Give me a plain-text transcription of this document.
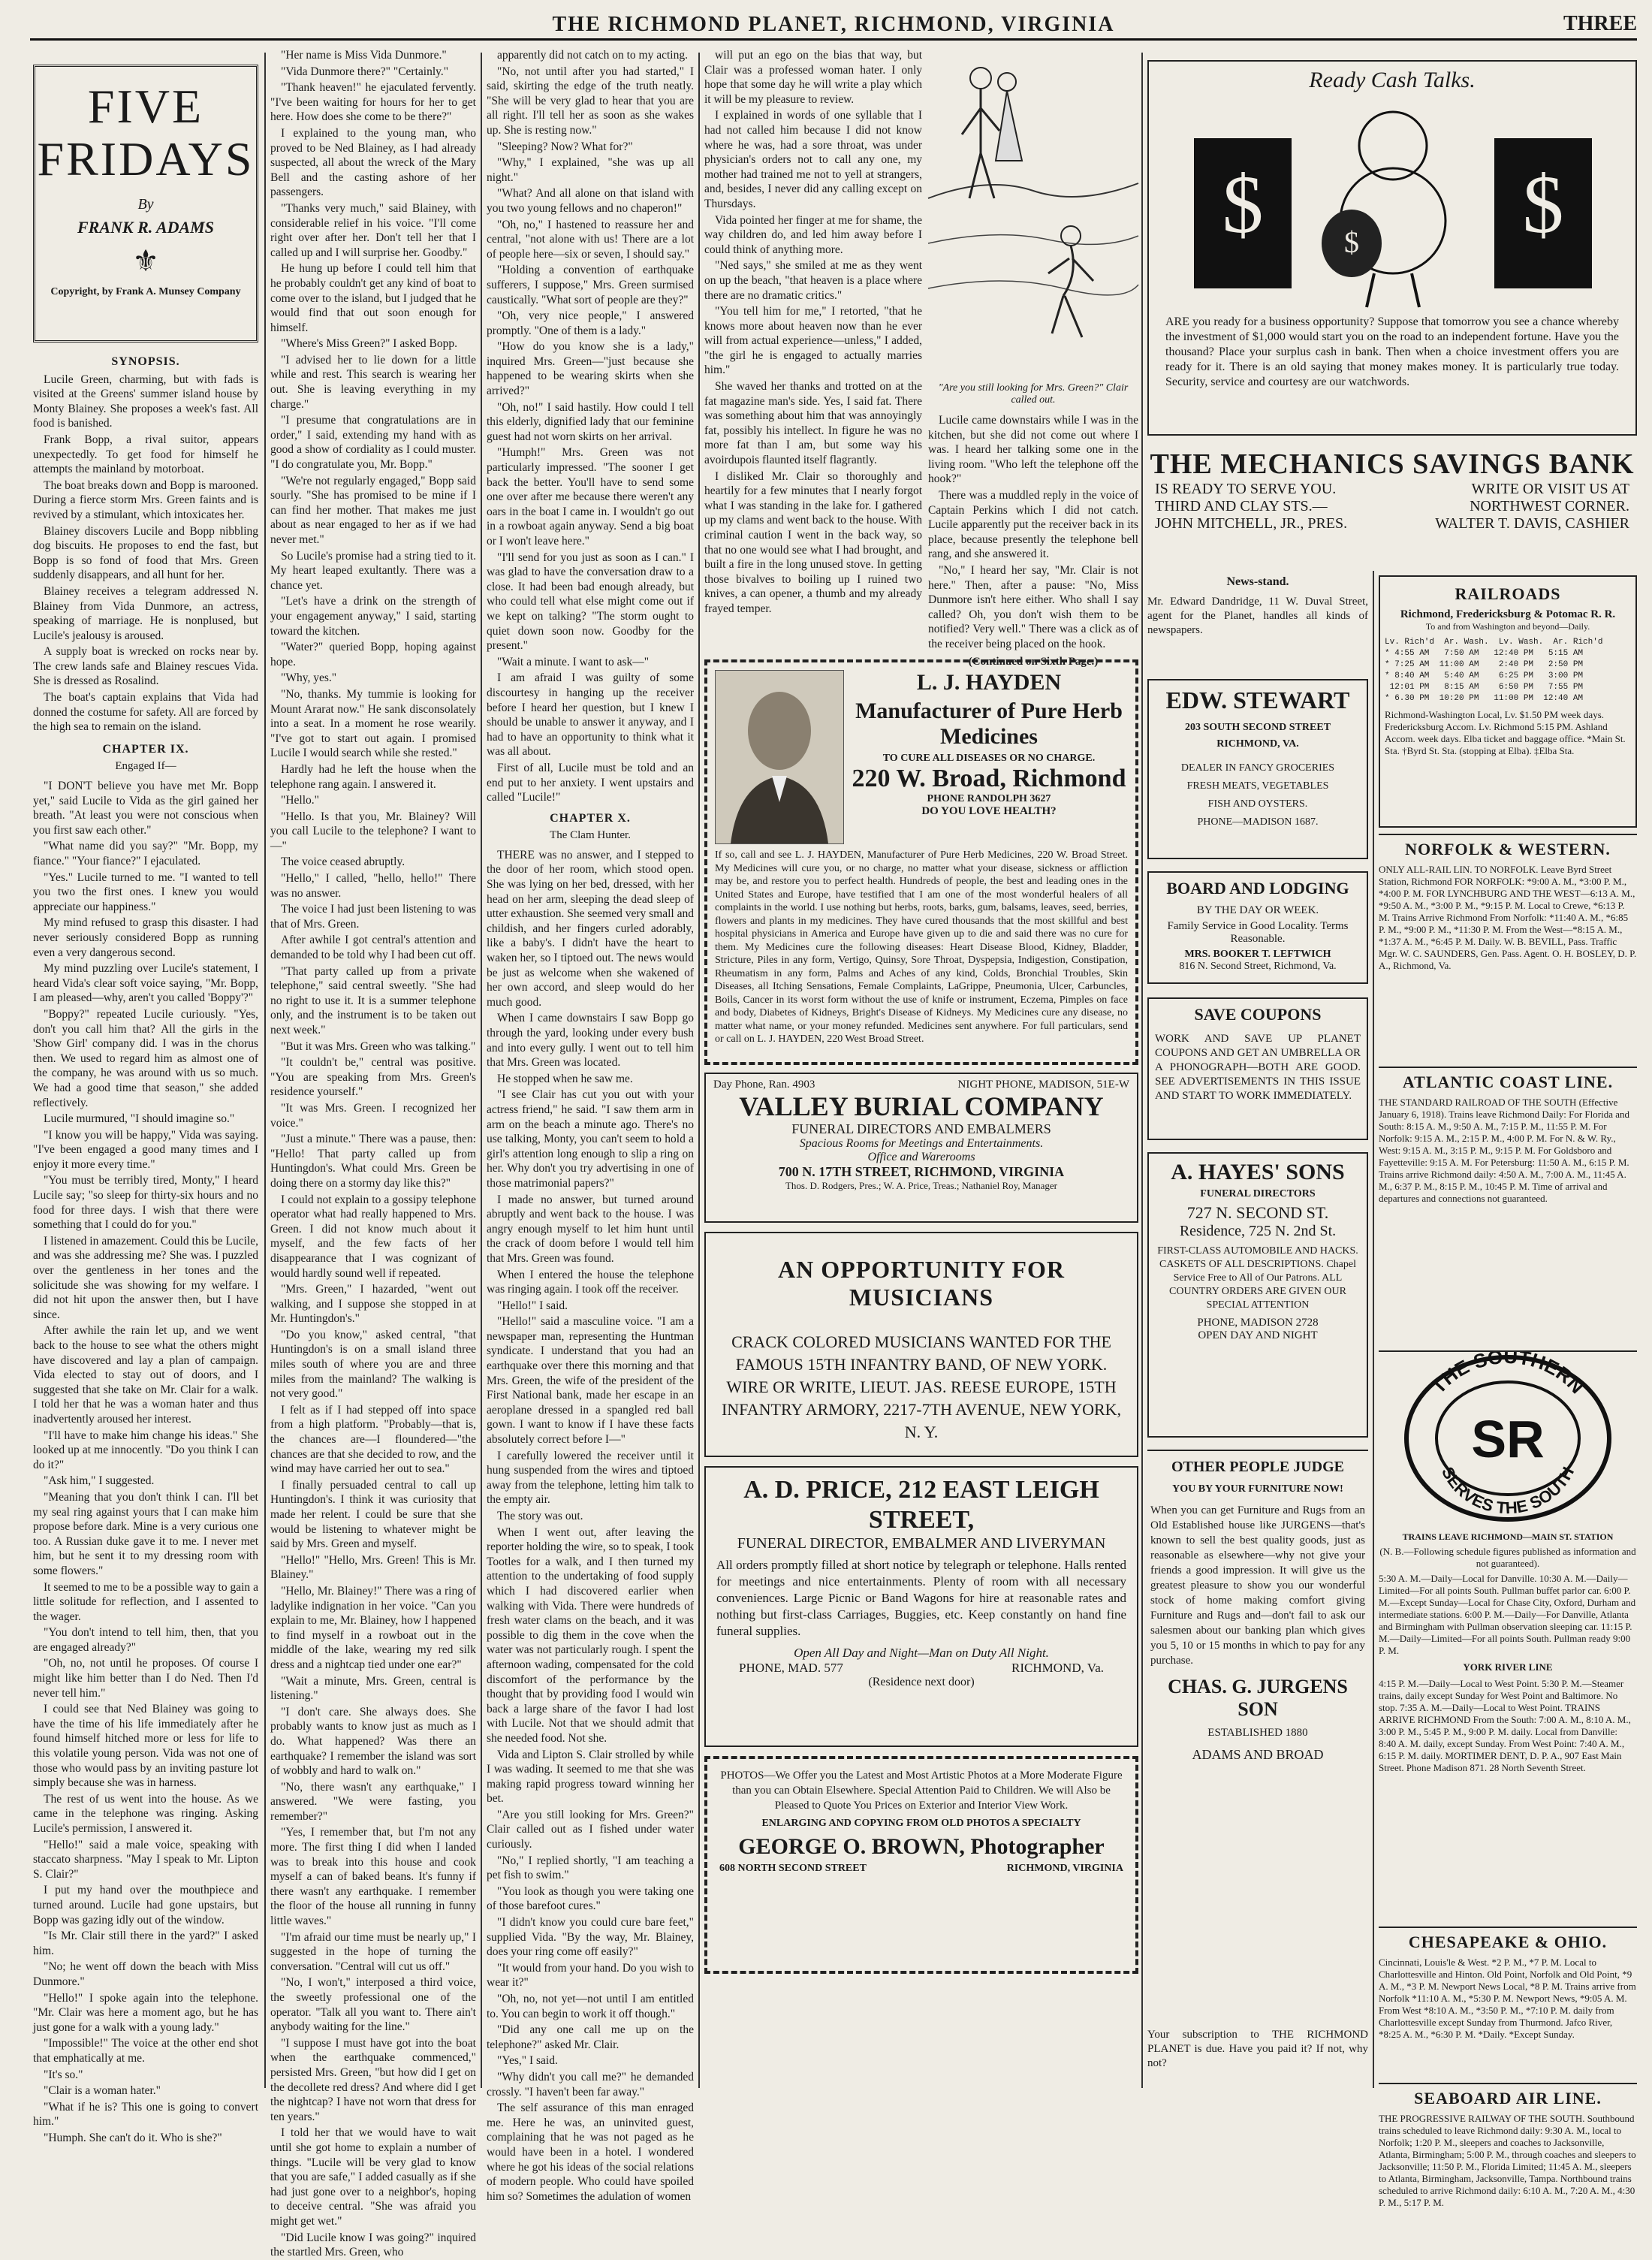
THE RICHMOND PLANET, RICHMOND, VIRGINIA	THREE
FIVE FRIDAYS
By
FRANK R. ADAMS
⚜
Copyright, by Frank A. Munsey Company
SYNOPSIS.

Lucile Green, charming, but with fads is visited at the Greens' summer island house by Monty Blainey. She proposes a week's fast. All food is banished.

Frank Bopp, a rival suitor, appears unexpectedly. To get food for himself he attempts the mainland by motorboat.

The boat breaks down and Bopp is marooned. During a fierce storm Mrs. Green faints and is revived by a stimulant, which intoxicates her.

Blainey discovers Lucile and Bopp nibbling dog biscuits. He proposes to end the fast, but Bopp is so fond of food that Mrs. Green suddenly disappears, and all hunt for her.

Blainey receives a telegram addressed N. Blainey from Vida Dunmore, an actress, speaking of marriage. He is nonplused, but Lucile's jealousy is aroused.

A supply boat is wrecked on rocks near by. The crew lands safe and Blainey rescues Vida. She is dressed as Rosalind.

The boat's captain explains that Vida had donned the costume for safety. All are forced by the high sea to remain on the island.

CHAPTER IX.
Engaged If—

"I DON'T believe you have met Mr. Bopp yet," said Lucile to Vida as the girl gained her breath. "At least you were not conscious when you first saw each other."

"What name did you say?" "Mr. Bopp, my fiance." "Your fiance?" I ejaculated.

"Yes." Lucile turned to me. "I wanted to tell you two the first ones. I knew you would appreciate our happiness."

My mind refused to grasp this disaster. I had never seriously considered Bopp as running even a very dangerous second.

My mind puzzling over Lucile's statement, I heard Vida's clear soft voice saying, "Mr. Bopp, I am pleased—why, aren't you called 'Boppy'?"

"Boppy?" repeated Lucile curiously. "Yes, don't you call him that? All the girls in the 'Show Girl' company did. I was in the chorus then. We used to regard him as almost one of the company, he was around with us so much. We had a good time that season," she added reflectively.

Lucile murmured, "I should imagine so."

"I know you will be happy," Vida was saying. "I've been engaged a good many times and I enjoy it more every time."

"You must be terribly tired, Monty," I heard Lucile say; "so sleep for thirty-six hours and no food for three days. I wish that there were something that I could do for you."

I listened in amazement. Could this be Lucile, and was she addressing me? She was. I puzzled over the gentleness in her tones and the solicitude she was showing for my welfare. I did not hit upon the answer then, but I have since.

After awhile the rain let up, and we went back to the house to see what the others might have discovered and lay a plan of campaign. Vida elected to stay out of doors, and I suggested that she take on Mr. Clair for a walk. I told her that he was a woman hater and thus inadvertently aroused her interest.

"I'll have to make him change his ideas." She looked up at me innocently. "Do you think I can do it?"

"Ask him," I suggested.

"Meaning that you don't think I can. I'll bet my seal ring against yours that I can make him propose before dark. Mine is a very curious one too. A Russian duke gave it to me. I never met him, but he sent it to my dressing room with some flowers."

It seemed to me to be a possible way to gain a little solitude for reflection, and I assented to the wager.

"You don't intend to tell him, then, that you are engaged already?"

"Oh, no, not until he proposes. Of course I might like him better than I do Ned. Then I'd never tell him."

I could see that Ned Blainey was going to have the time of his life immediately after he found himself hitched more or less for life to this volatile young person. Vida was not one of those who would pass by an inviting pasture lot simply because she was in harness.

The rest of us went into the house. As we came in the telephone was ringing. Asking Lucile's permission, I answered it.

"Hello!" said a male voice, speaking with staccato sharpness. "May I speak to Mr. Lipton S. Clair?"

I put my hand over the mouthpiece and turned around. Lucile had gone upstairs, but Bopp was gazing idly out of the window.

"Is Mr. Clair still there in the yard?" I asked him.

"No; he went off down the beach with Miss Dunmore."

"Hello!" I spoke again into the telephone. "Mr. Clair was here a moment ago, but he has just gone for a walk with a young lady."

"Impossible!" The voice at the other end shot that emphatically at me.

"It's so."

"Clair is a woman hater."

"What if he is? This one is going to convert him."

"Humph. She can't do it. Who is she?"

"Her name is Miss Vida Dunmore."

"Vida Dunmore there?" "Certainly."

"Thank heaven!" he ejaculated fervently. "I've been waiting for hours for her to get here. How does she come to be there?"

I explained to the young man, who proved to be Ned Blainey, as I had already suspected, all about the wreck of the Mary Bell and the casting ashore of her passengers.

"Thanks very much," said Blainey, with considerable relief in his voice. "I'll come right over after her. Don't tell her that I called up and I will surprise her. Goodby."

He hung up before I could tell him that he probably couldn't get any kind of boat to come over to the island, but I judged that he would find that out soon enough for himself.

"Where's Miss Green?" I asked Bopp.

"I advised her to lie down for a little while and rest. This search is wearing her out. She is leaving everything in my charge."

"I presume that congratulations are in order," I said, extending my hand with as good a show of cordiality as I could muster. "I do congratulate you, Mr. Bopp."

"We're not regularly engaged," Bopp said sourly. "She has promised to be mine if I can find her mother. That makes me just about as near engaged to her as if we had never met."

So Lucile's promise had a string tied to it. My heart leaped exultantly. There was a chance yet.

"Let's have a drink on the strength of your engagement anyway," I said, starting toward the kitchen.

"Water?" queried Bopp, hoping against hope.

"Why, yes."

"No, thanks. My tummie is looking for Mount Ararat now." He sank disconsolately into a seat. In a moment he rose wearily. "I've got to start out again. I promised Lucile I would search while she rested."

Hardly had he left the house when the telephone rang again. I answered it.

"Hello."

"Hello. Is that you, Mr. Blainey? Will you call Lucile to the telephone? I want to—"

The voice ceased abruptly.

"Hello," I called, "hello, hello!" There was no answer.

The voice I had just been listening to was that of Mrs. Green.

After awhile I got central's attention and demanded to be told why I had been cut off.

"That party called up from a private telephone," said central sweetly. "She had no right to use it. It is a summer telephone only, and the instrument is to be taken out next week."

"But it was Mrs. Green who was talking."

"It couldn't be," central was positive. "You are speaking from Mrs. Green's residence yourself."

"It was Mrs. Green. I recognized her voice."

"Just a minute." There was a pause, then: "Hello! That party called up from Huntingdon's. What could Mrs. Green be doing there on a stormy day like this?"

I could not explain to a gossipy telephone operator what had really happened to Mrs. Green. I did not know much about it myself, and the few facts of her disappearance that I was cognizant of would hardly sound well if repeated.

"Mrs. Green," I hazarded, "went out walking, and I suppose she stopped in at Mr. Huntingdon's."

"Do you know," asked central, "that Huntingdon's is on a small island three miles south of where you are and three miles from the mainland? The walking is not very good."

I felt as if I had stepped off into space from a high platform. "Probably—that is, the chances are—I floundered—"the chances are that she decided to row, and the wind may have carried her out to sea."

I finally persuaded central to call up Huntingdon's. I think it was curiosity that made her relent. I could be sure that she would be listening to whatever might be said by Mrs. Green and myself.

"Hello!" "Hello, Mrs. Green! This is Mr. Blainey."

"Hello, Mr. Blainey!" There was a ring of ladylike indignation in her voice. "Can you explain to me, Mr. Blainey, how I happened to find myself in a rowboat out in the middle of the lake, wearing my red silk dress and a nightcap tied under one ear?"

"Wait a minute, Mrs. Green, central is listening."

"I don't care. She always does. She probably wants to know just as much as I do. What happened? Was there an earthquake? I remember the island was sort of wobbly and hard to walk on."

"No, there wasn't any earthquake," I answered. "We were fasting, you remember?"

"Yes, I remember that, but I'm not any more. The first thing I did when I landed was to break into this house and cook myself a can of baked beans. It's funny if there wasn't any earthquake. I remember the floor of the house all running in funny little waves."

"I'm afraid our time must be nearly up," I suggested in the hope of turning the conversation. "Central will cut us off."

"No, I won't," interposed a third voice, the sweetly professional one of the operator. "Talk all you want to. There ain't anybody waiting for the line."

"I suppose I must have got into the boat when the earthquake commenced," persisted Mrs. Green, "but how did I get on the decollete red dress? And where did I get the nightcap? I have not worn that dress for ten years."

I told her that we would have to wait until she got home to explain a number of things. "Lucile will be very glad to know that you are safe," I added casually as if she had just gone over to a neighbor's, hoping to deceive central. "She was afraid you might get wet."

"Did Lucile know I was going?" inquired the startled Mrs. Green, who

apparently did not catch on to my acting.

"No, not until after you had started," I said, skirting the edge of the truth neatly. "She will be very glad to hear that you are all right. I'll tell her as soon as she wakes up. She is resting now."

"Sleeping? Now? What for?"

"Why," I explained, "she was up all night."

"What? And all alone on that island with you two young fellows and no chaperon!"

"Oh, no," I hastened to reassure her and central, "not alone with us! There are a lot of people here—six or seven, I should say."

"Holding a convention of earthquake sufferers, I suppose," Mrs. Green surmised caustically. "What sort of people are they?"

"Oh, very nice people," I answered promptly. "One of them is a lady."

"How do you know she is a lady," inquired Mrs. Green—"just because she happened to be wearing skirts when she arrived?"

"Oh, no!" I said hastily. How could I tell this elderly, dignified lady that our feminine guest had not worn skirts on her arrival.

"Humph!" Mrs. Green was not particularly impressed. "The sooner I get back the better. You'll have to send some one over after me because there weren't any oars in the boat I came in. I wouldn't go out in a rowboat again anyway. Send a big boat or I won't leave here."

"I'll send for you just as soon as I can." I was glad to have the conversation draw to a close. It had been bad enough already, but who could tell what else might come out if we kept on talking? "The storm ought to quiet down soon now. Goodby for the present."

"Wait a minute. I want to ask—"

I am afraid I was guilty of some discourtesy in hanging up the receiver before I heard her question, but I knew I should be unable to answer it anyway, and I had to have an opportunity to think what it was all about.

First of all, Lucile must be told and an end put to her anxiety. I went upstairs and called "Lucile!"

CHAPTER X.
The Clam Hunter.

THERE was no answer, and I stepped to the door of her room, which stood open. She was lying on her bed, dressed, with her head on her arm, sleeping the dead sleep of utter exhaustion. She seemed very small and childish, and her fingers curled adorably, like a baby's. I didn't have the heart to waken her, so I tiptoed out. The news would be just as welcome when she wakened of her own accord, and sleep would do her much good.

When I came downstairs I saw Bopp go through the yard, looking under every bush and into every gully. I went out to tell him that Mrs. Green was located.

He stopped when he saw me.

"I see Clair has cut you out with your actress friend," he said. "I saw them arm in arm on the beach a minute ago. There's no use talking, Monty, you can't seem to hold a girl's attention long enough to slip a ring on her. Why don't you try advertising in one of those matrimonial papers?"

I made no answer, but turned around abruptly and went back to the house. I was angry enough myself to let him hunt until the crack of doom before I would tell him that Mrs. Green was found.

When I entered the house the telephone was ringing again. I took off the receiver.

"Hello!" I said.

"Hello!" said a masculine voice. "I am a newspaper man, representing the Huntman syndicate. I understand that you had an earthquake over there this morning and that Mrs. Green, the wife of the president of the First National bank, made her escape in an aeroplane dressed in a spangled red ball gown. I want to know if I have these facts absolutely correct before I—"

I carefully lowered the receiver until it hung suspended from the wires and tiptoed away from the telephone, letting him talk to the empty air.

The story was out.

When I went out, after leaving the reporter holding the wire, so to speak, I took Tootles for a walk, and I then turned my attention to the undertaking of food supply which I had discovered earlier when walking with Vida. There were hundreds of fresh water clams on the beach, and it was possible to dig them in the cove when the water was not particularly rough. I spent the afternoon wading, compensated for the cold discomfort of the performance by the thought that by providing food I would win back a large share of the favor I had lost with Lucile. Not that we should admit that she needed food. Not she.

Vida and Lipton S. Clair strolled by while I was wading. It seemed to me that she was making rapid progress toward winning her bet.

"Are you still looking for Mrs. Green?" Clair called out as I fished under water curiously.

"No," I replied shortly, "I am teaching a pet fish to swim."

"You look as though you were taking one of those barefoot cures."

"I didn't know you could cure bare feet," supplied Vida. "By the way, Mr. Blainey, does your ring come off easily?"

"It would from your hand. Do you wish to wear it?"

"Oh, no, not yet—not until I am entitled to. You can begin to work it off though."

"Did any one call me up on the telephone?" asked Mr. Clair.

"Yes," I said.

"Why didn't you call me?" he demanded crossly. "I haven't been far away."

The self assurance of this man enraged me. Here he was, an uninvited guest, complaining that he was not paged as he would have been in a hotel. I wondered where he got his ideas of the social relations of modern people. Who could have spoiled him so? Sometimes the adulation of women

will put an ego on the bias that way, but Clair was a professed woman hater. I only hope that some day he will write a play which it will be my pleasure to review.

I explained in words of one syllable that I had not called him because I did not know where he was, had a sore throat, was under physician's orders not to call any one, my mother had trained me not to yell at strangers, and, besides, I never did any calling except on Thursdays.

Vida pointed her finger at me for shame, the way children do, and led him away before I could think of anything more.

"Ned says," she smiled at me as they went on up the beach, "that heaven is a place where there are no dramatic critics."

"You tell him for me," I retorted, "that he knows more about heaven now than he ever will from actual experience—unless," I added, "the girl he is engaged to actually marries him."

She waved her thanks and trotted on at the fat magazine man's side. Yes, I said fat. There was something about him that was annoyingly fat, possibly his intellect. In figure he was no more fat than I am, but some way his avoirdupois flaunted itself flagrantly.

I disliked Mr. Clair so thoroughly and heartily for a few minutes that I nearly forgot what I was standing in the lake for. I gathered up my clams and went back to the house. With criminal caution I went in the back way, so that no one would see what I had brought, and built a fire in the long unused stove. In getting those bivalves to boiling up I ruined two knives, a can opener, a thumb and my already frayed temper.

"Are you still looking for Mrs. Green?" Clair called out.

Lucile came downstairs while I was in the kitchen, but she did not come out where I was. I heard her talking some one in the living room. "Who left the telephone off the hook?"

There was a muddled reply in the voice of Captain Perkins which I did not catch. Lucile apparently put the receiver back in its place, because presently the telephone bell rang, and she answered it.

"No," I heard her say, "Mr. Clair is not here." Then, after a pause: "No, Miss Dunmore isn't here either. Who shall I say called? Oh, you don't wish them to be notified? Very well." There was a click as of the receiver being placed on the hook.

(Continued on Sixth Page.)
L. J. HAYDEN
Manufacturer of Pure Herb Medicines
TO CURE ALL DISEASES OR NO CHARGE.
220 W. Broad, Richmond
PHONE RANDOLPH 3627
DO YOU LOVE HEALTH?
If so, call and see L. J. HAYDEN, Manufacturer of Pure Herb Medicines, 220 W. Broad Street. My Medicines will cure you, or no charge, no matter what your disease, sickness or affliction may be, and restore you to perfect health. Hundreds of people, the best and leading ones in the United States and Europe, have testified that I am one of the most wonderful healers of all complaints in the world. I use nothing but herbs, roots, barks, gum, balsams, leaves, seed, berries, flowers and plants in my medicines. They have cured thousands that the most skillful and best hospital physicians in America and Europe have given up to die and said there was no cure for them. My Medicines cure the following diseases: Heart Disease Blood, Kidney, Bladder, Stricture, Piles in any form, Vertigo, Quinsy, Sore Throat, Dyspepsia, Indigestion, Constipation, Rheumatism in any form, Palms and Aches of any kind, Colds, Bronchial Troubles, Skin Diseases, all Itching Sensations, Female Complaints, LaGrippe, Pneumonia, Ulcer, Carbuncles, Boils, Cancer in its worst form without the use of knife or instrument, Eczema, Pimples on face and body, Diabetes of Kidneys, Bright's Disease of Kidneys. My Medicines cure any disease, no matter what name, or your money refunded. Medicines sent anywhere. For full particulars, send or call on L. J. HAYDEN, 220 West Broad Street.
Day Phone, Ran. 4903	NIGHT PHONE, MADISON, 51E-W
VALLEY BURIAL COMPANY
FUNERAL DIRECTORS AND EMBALMERS
Spacious Rooms for Meetings and Entertainments.
Office and Warerooms
700 N. 17TH STREET, RICHMOND, VIRGINIA
Thos. D. Rodgers, Pres.; W. A. Price, Treas.; Nathaniel Roy, Manager
AN OPPORTUNITY FOR MUSICIANS
CRACK COLORED MUSICIANS WANTED FOR THE FAMOUS 15TH INFANTRY BAND, OF NEW YORK. WIRE OR WRITE, LIEUT. JAS. REESE EUROPE, 15TH INFANTRY ARMORY, 2217-7TH AVENUE, NEW YORK, N. Y.
A. D. PRICE, 212 EAST LEIGH STREET,
FUNERAL DIRECTOR, EMBALMER AND LIVERYMAN
All orders promptly filled at short notice by telegraph or telephone. Halls rented for meetings and nice entertainments. Plenty of room with all necessary conveniences. Large Picnic or Band Wagons for hire at reasonable rates and nothing but first-class Carriages, Buggies, etc. Keep constantly on hand fine funeral supplies.
Open All Day and Night—Man on Duty All Night.
PHONE, MAD. 577	RICHMOND, Va.
(Residence next door)
PHOTOS—We Offer you the Latest and Most Artistic Photos at a More Moderate Figure than you can Obtain Elsewhere. Special Attention Paid to Children. We will Also be Pleased to Quote You Prices on Exterior and Interior View Work.
ENLARGING AND COPYING FROM OLD PHOTOS A SPECIALTY
GEORGE O. BROWN, Photographer
608 NORTH SECOND STREET	RICHMOND, VIRGINIA
Ready Cash Talks.
$	$
$
ARE you ready for a business opportunity? Suppose that tomorrow you see a chance whereby the investment of $1,000 would start you on the road to an independent fortune. Have you the thousand? Place your surplus cash in bank. Then when a choice investment offers you are ready for it. There is an old saying that money makes money. It is particularly true today. Security, service and courtesy are our watchwords.
THE MECHANICS SAVINGS BANK
IS READY TO SERVE YOU.	WRITE OR VISIT US AT
THIRD AND CLAY STS.—	NORTHWEST CORNER.
JOHN MITCHELL, JR., PRES.	WALTER T. DAVIS, CASHIER
News-stand.
Mr. Edward Dandridge, 11 W. Duval Street, agent for the Planet, handles all kinds of newspapers.
EDW. STEWART
203 SOUTH SECOND STREET
RICHMOND, VA.
DEALER IN FANCY GROCERIES
FRESH MEATS, VEGETABLES
FISH AND OYSTERS.
PHONE—MADISON 1687.
BOARD AND LODGING
BY THE DAY OR WEEK.
Family Service in Good Locality. Terms Reasonable.
MRS. BOOKER T. LEFTWICH
816 N. Second Street, Richmond, Va.
SAVE COUPONS
WORK AND SAVE UP PLANET COUPONS AND GET AN UMBRELLA OR A PHONOGRAPH—BOTH ARE GOOD. SEE ADVERTISEMENTS IN THIS ISSUE AND START TO WORK IMMEDIATELY.
A. HAYES' SONS
FUNERAL DIRECTORS
727 N. SECOND ST.
Residence, 725 N. 2nd St.
FIRST-CLASS AUTOMOBILE AND HACKS. CASKETS OF ALL DESCRIPTIONS. Chapel Service Free to All of Our Patrons. ALL COUNTRY ORDERS ARE GIVEN OUR SPECIAL ATTENTION
PHONE, MADISON 2728
OPEN DAY AND NIGHT
OTHER PEOPLE JUDGE
YOU BY YOUR FURNITURE NOW!
When you can get Furniture and Rugs from an Old Established house like JURGENS—that's known to sell the best quality goods, just as reasonable as elsewhere—why not give your friends a good impression. It will give us the greatest pleasure to show you our wonderful stock of home making comfort giving Furniture and Rugs and—don't fail to ask our salesmen about our banking plan which gives you 5, 10 or 15 months in which to pay for any purchase.
CHAS. G. JURGENS SON
ESTABLISHED 1880
ADAMS AND BROAD
Your subscription to THE RICHMOND PLANET is due. Have you paid it? If not, why not?
RAILROADS
Richmond, Fredericksburg & Potomac R. R.
To and from Washington and beyond—Daily.
Lv. Rich'd  Ar. Wash.  Lv. Wash.  Ar. Rich'd
* 4:55 AM   7:50 AM   12:40 PM   5:15 AM
* 7:25 AM  11:00 AM    2:40 PM   2:50 PM
* 8:40 AM   5:40 AM    6:25 PM   3:00 PM
12:01 PM   8:15 AM    6:50 PM   7:55 PM
* 6.30 PM  10:20 PM   11:00 PM  12:40 AM
Richmond-Washington Local, Lv. $1.50 PM week days. Fredericksburg Accom. Lv. Richmond 5:15 PM. Ashland Accom. week days. Elba ticket and baggage office. *Main St. Sta. †Byrd St. Sta. (stopping at Elba). ‡Elba Sta.
NORFOLK & WESTERN.
ONLY ALL-RAIL LIN. TO NORFOLK. Leave Byrd Street Station, Richmond FOR NORFOLK: *9:00 A. M., *3:00 P. M., *4:00 P. M. FOR LYNCHBURG AND THE WEST—6:13 A. M., *9:50 A. M., *3:00 P. M., *9:15 P. M. Local to Crewe, *6:13 P. M. Trains Arrive Richmond From Norfolk: *11:40 A. M., *6:85 P. M., *9:00 P. M., *11:30 P. M. From the West—*8:15 A. M., *1:37 A. M., *6:45 P. M. Daily. W. B. BEVILL, Pass. Traffic Mgr. W. C. SAUNDERS, Gen. Pass. Agent. O. H. BOSLEY, D. P. A., Richmond, Va.
ATLANTIC COAST LINE.
THE STANDARD RAILROAD OF THE SOUTH (Effective January 6, 1918). Trains leave Richmond Daily: For Florida and South: 8:15 A. M., 9:50 A. M., 7:15 P. M., 11:55 P. M. For Norfolk: 9:15 A. M., 2:15 P. M., 4:00 P. M. For N. & W. Ry., West: 9:15 A. M., 3:15 P. M., 9:15 P. M. For Goldsboro and Fayetteville: 9:15 A. M. For Petersburg: 11:50 A. M., 6:15 P. M. Trains arrive Richmond daily: 4:50 A. M., 7:00 A. M., 11:45 A. M., 6:37 P. M., 8:15 P. M., 10:45 P. M. Time of arrival and departures and connections not guaranteed.
THE SOUTHERN
SERVES THE SOUTH
SR
TRAINS LEAVE RICHMOND—MAIN ST. STATION
(N. B.—Following schedule figures published as information and not guaranteed).
5:30 A. M.—Daily—Local for Danville. 10:30 A. M.—Daily—Limited—For all points South. Pullman buffet parlor car. 6:00 P. M.—Except Sunday—Local for Chase City, Oxford, Durham and intermediate stations. 6:00 P. M.—Daily—For Danville, Atlanta and Birmingham with Pullman observation sleeping car. 11:15 P. M.—Daily—Limited—For all points South. Pullman ready 9:00 P. M.
YORK RIVER LINE
4:15 P. M.—Daily—Local to West Point. 5:30 P. M.—Steamer trains, daily except Sunday for West Point and Baltimore. No stop. 7:35 A. M.—Daily—Local to West Point. TRAINS ARRIVE RICHMOND From the South: 7:00 A. M., 8:10 A. M., 3:00 P. M., 5:45 P. M., 9:00 P. M. daily. Local from Danville: 8:40 A. M. daily, except Sunday. From West Point: 7:40 A. M., 6:15 P. M. daily. MORTIMER DENT, D. P. A., 907 East Main Street. Phone Madison 871. 28 North Seventh Street.
CHESAPEAKE & OHIO.
Cincinnati, Louis'le & West. *2 P. M., *7 P. M. Local to Charlottesville and Hinton. Old Point, Norfolk and Old Point, *9 A. M., *3 P. M. Newport News Local, *8 P. M. Trains arrive from Norfolk *11:10 A. M., *5:30 P. M. Newport News, *9:05 A. M. From West *8:10 A. M., *3:50 P. M., *7:10 P. M. daily from Charlottesville except Sunday from Thurmond. Jafco River, *8:25 A. M., *6:30 P. M. *Daily. *Except Sunday.
SEABOARD AIR LINE.
THE PROGRESSIVE RAILWAY OF THE SOUTH. Southbound trains scheduled to leave Richmond daily: 9:30 A. M., local to Norfolk; 1:20 P. M., sleepers and coaches to Jacksonville, Atlanta, Birmingham; 5:00 P. M., through coaches and sleepers to Jacksonville; 11:50 P. M., Florida Limited; 11:45 A. M., sleepers to Atlanta, Birmingham, Jacksonville, Tampa. Northbound trains scheduled to arrive Richmond daily: 6:10 A. M., 7:20 A. M., 4:30 P. M., 5:17 P. M.
